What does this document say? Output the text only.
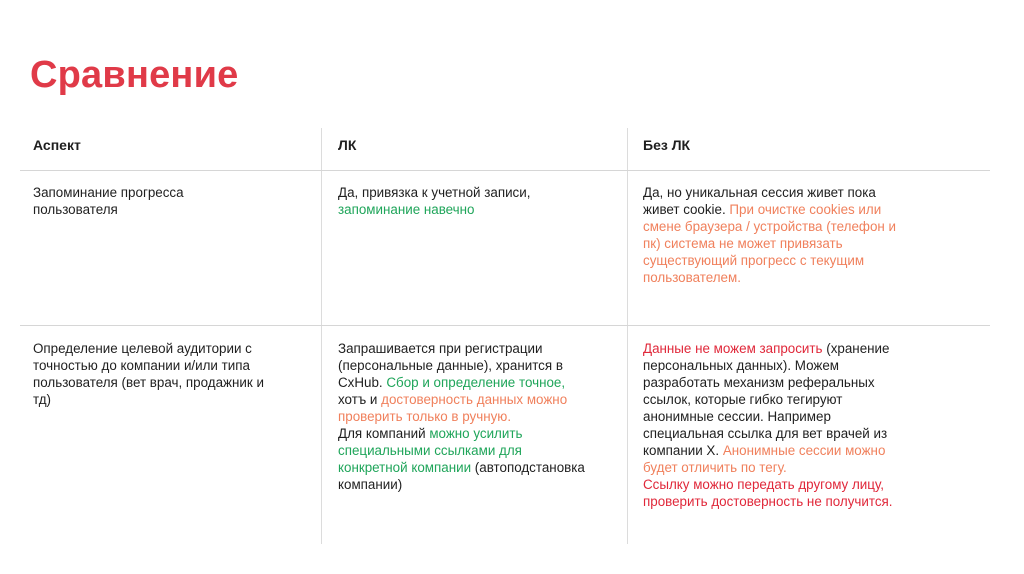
Сравнение
Аспект	ЛК	Без ЛК
Запоминание прогресса пользователя
Да, привязка к учетной записи, запоминание навечно
Да, но уникальная сессия живет пока живет cookie. При очистке cookies или смене браузера / устройства (телефон и пк) система не может привязать существующий прогресс с текущим пользователем.
Определение целевой аудитории с точностью до компании и/или типа пользователя (вет врач, продажник и тд)
Запрашивается при регистрации (персональные данные), хранится в CxHub. Сбор и определение точное, хотъ и достоверность данных можно проверить только в ручную.
Для компаний можно усилить специальными ссылками для конкретной компании (автоподстановка компании)
Данные не можем запросить (хранение персональных данных). Можем разработать механизм реферальных ссылок, которые гибко тегируют анонимные сессии. Например специальная ссылка для вет врачей из компании X. Анонимные сессии можно будет отличить по тегу.
Ссылку можно передать другому лицу, проверить достоверность не получится.
